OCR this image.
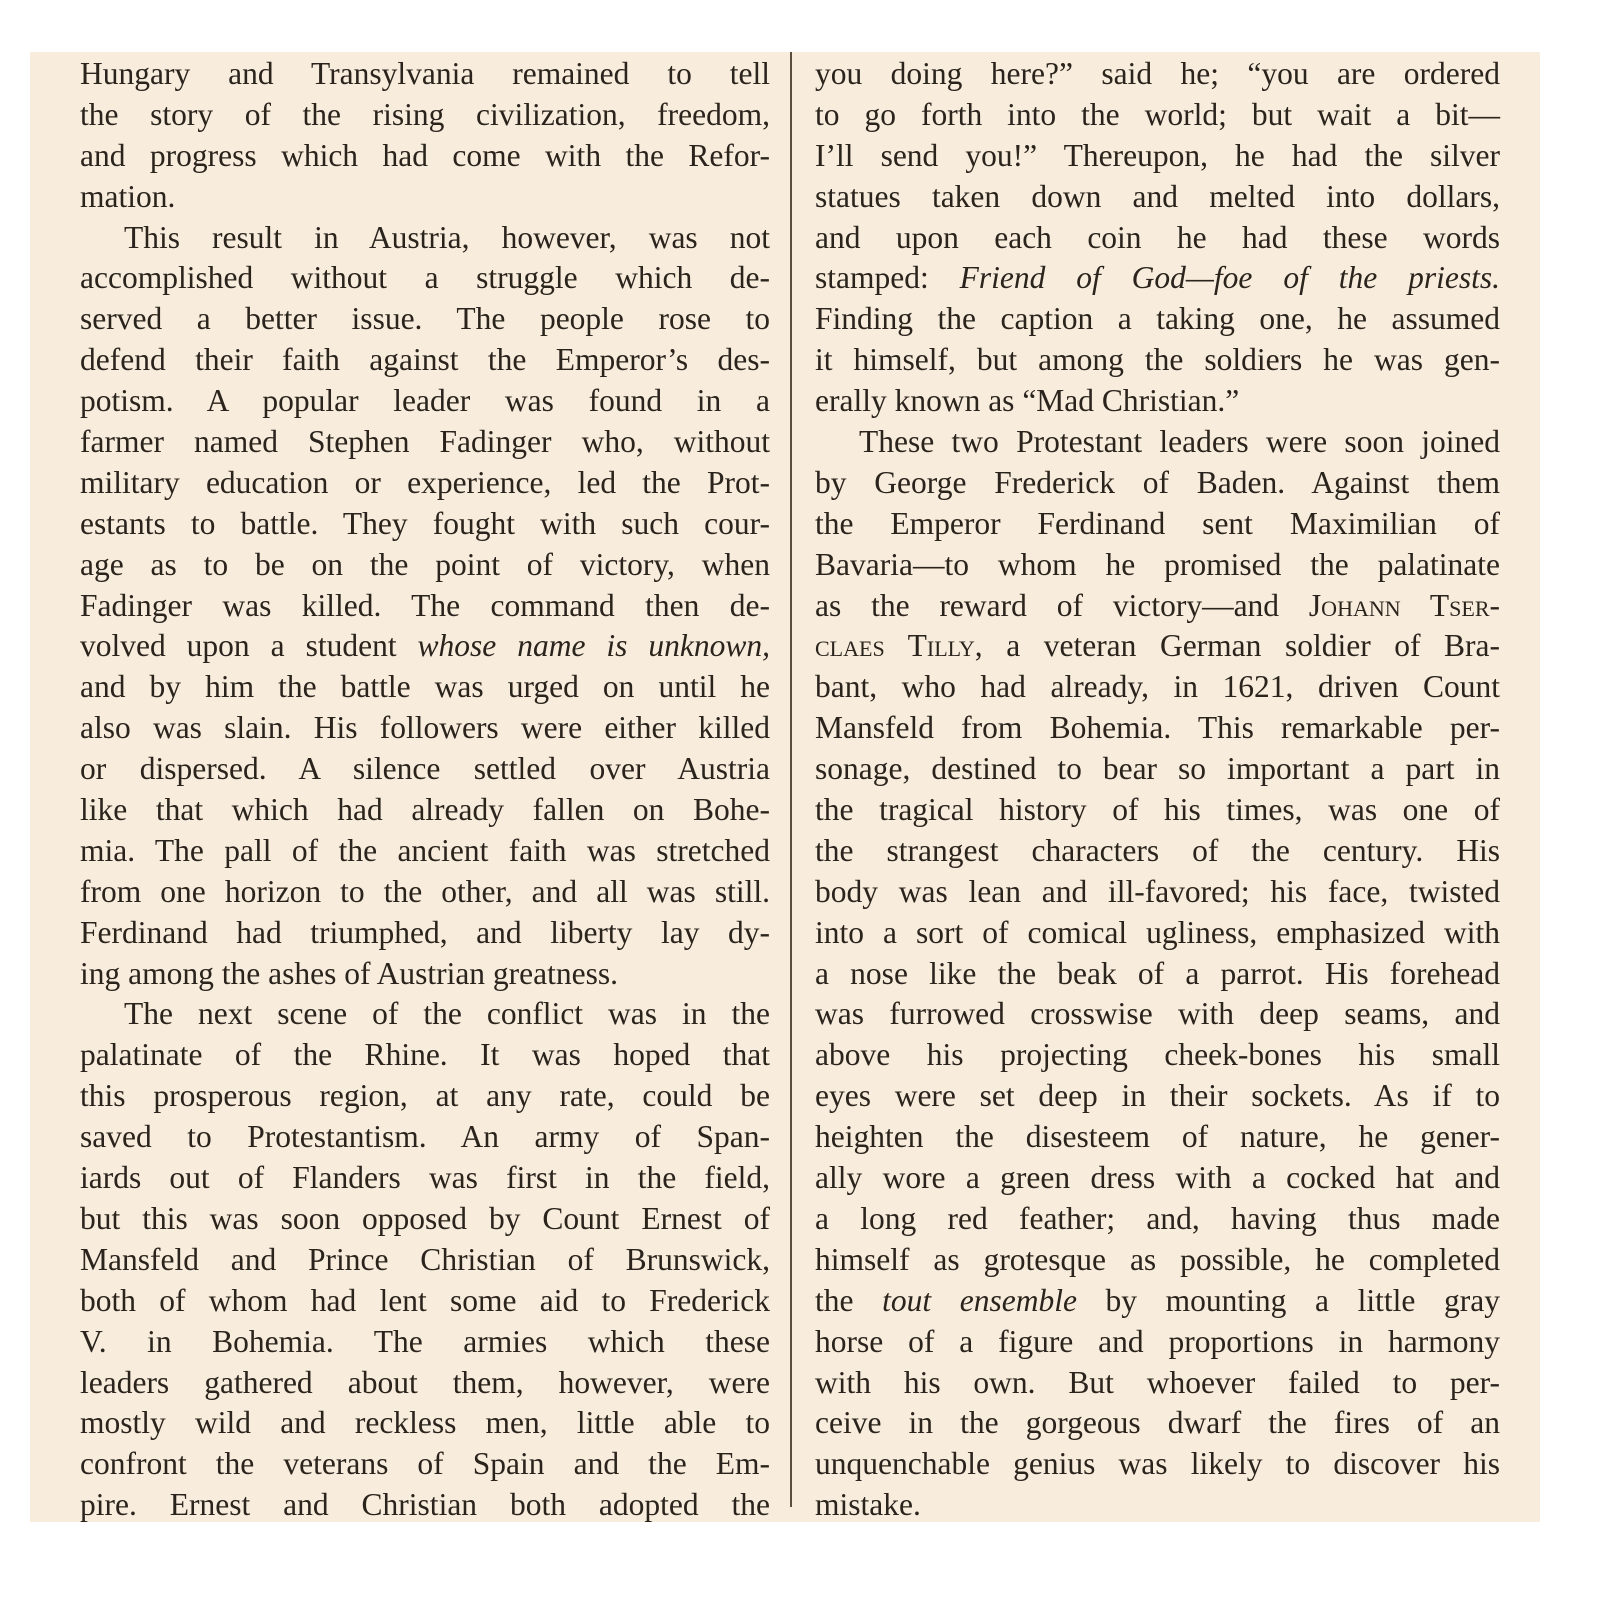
Hungary and Transylvania remained to tell
the story of the rising civilization, freedom,
and progress which had come with the Refor-
mation.
This result in Austria, however, was not
accomplished without a struggle which de-
served a better issue. The people rose to
defend their faith against the Emperor’s des-
potism. A popular leader was found in a
farmer named Stephen Fadinger who, without
military education or experience, led the Prot-
estants to battle. They fought with such cour-
age as to be on the point of victory, when
Fadinger was killed. The command then de-
volved upon a student whose name is unknown,
and by him the battle was urged on until he
also was slain. His followers were either killed
or dispersed. A silence settled over Austria
like that which had already fallen on Bohe-
mia. The pall of the ancient faith was stretched
from one horizon to the other, and all was still.
Ferdinand had triumphed, and liberty lay dy-
ing among the ashes of Austrian greatness.
The next scene of the conflict was in the
palatinate of the Rhine. It was hoped that
this prosperous region, at any rate, could be
saved to Protestantism. An army of Span-
iards out of Flanders was first in the field,
but this was soon opposed by Count Ernest of
Mansfeld and Prince Christian of Brunswick,
both of whom had lent some aid to Frederick
V. in Bohemia. The armies which these
leaders gathered about them, however, were
mostly wild and reckless men, little able to
confront the veterans of Spain and the Em-
pire. Ernest and Christian both adopted the
you doing here?” said he; “you are ordered
to go forth into the world; but wait a bit—
I’ll send you!” Thereupon, he had the silver
statues taken down and melted into dollars,
and upon each coin he had these words
stamped: Friend of God—foe of the priests.
Finding the caption a taking one, he assumed
it himself, but among the soldiers he was gen-
erally known as “Mad Christian.”
These two Protestant leaders were soon joined
by George Frederick of Baden. Against them
the Emperor Ferdinand sent Maximilian of
Bavaria—to whom he promised the palatinate
as the reward of victory—and Johann Tser-
claes Tilly, a veteran German soldier of Bra-
bant, who had already, in 1621, driven Count
Mansfeld from Bohemia. This remarkable per-
sonage, destined to bear so important a part in
the tragical history of his times, was one of
the strangest characters of the century. His
body was lean and ill-favored; his face, twisted
into a sort of comical ugliness, emphasized with
a nose like the beak of a parrot. His forehead
was furrowed crosswise with deep seams, and
above his projecting cheek-bones his small
eyes were set deep in their sockets. As if to
heighten the disesteem of nature, he gener-
ally wore a green dress with a cocked hat and
a long red feather; and, having thus made
himself as grotesque as possible, he completed
the tout ensemble by mounting a little gray
horse of a figure and proportions in harmony
with his own. But whoever failed to per-
ceive in the gorgeous dwarf the fires of an
unquenchable genius was likely to discover his
mistake.
